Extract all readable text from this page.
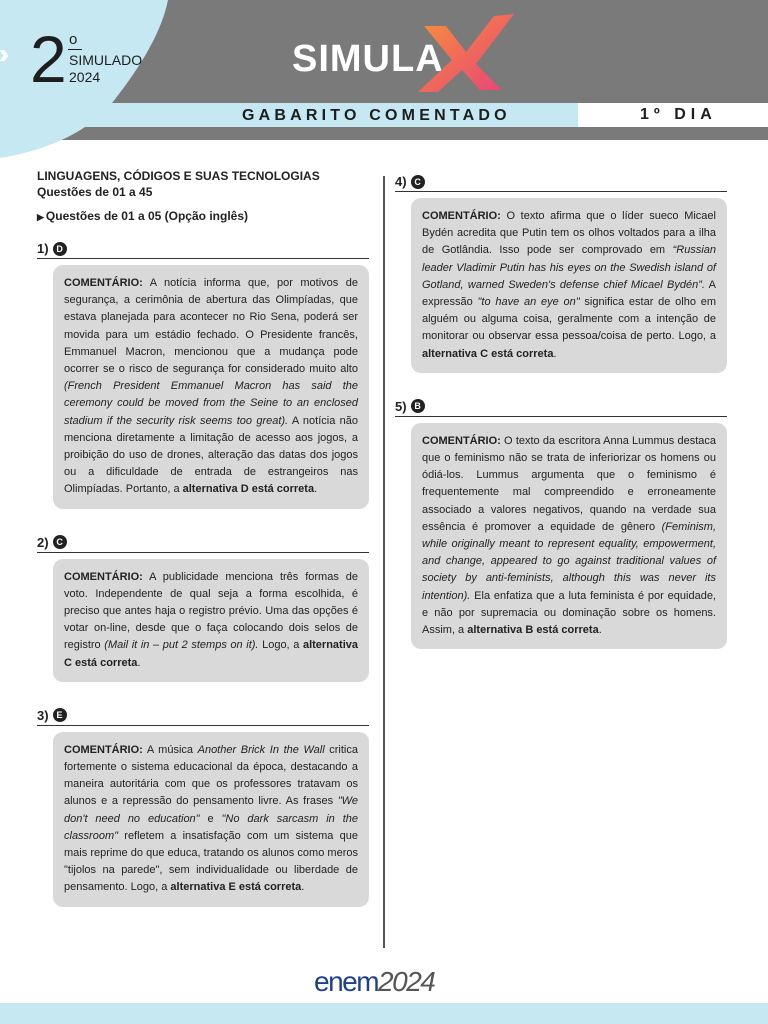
2 o
SIMULADO
2024	SIMULA
GABARITO COMENTADO	1º DIA
LINGUAGENS, CÓDIGOS E SUAS TECNOLOGIAS
Questões de 01 a 45
▶ Questões de 01 a 05 (Opção inglês)
1) D
COMENTÁRIO: A notícia informa que, por motivos de segurança, a cerimônia de abertura das Olimpíadas, que estava planejada para acontecer no Rio Sena, poderá ser movida para um estádio fechado. O Presidente francês, Emmanuel Macron, mencionou que a mudança pode ocorrer se o risco de segurança for considerado muito alto (French President Emmanuel Macron has said the ceremony could be moved from the Seine to an enclosed stadium if the security risk seems too great). A notícia não menciona diretamente a limitação de acesso aos jogos, a proibição do uso de drones, alteração das datas dos jogos ou a dificuldade de entrada de estrangeiros nas Olimpíadas. Portanto, a alternativa D está correta.
2) C
COMENTÁRIO: A publicidade menciona três formas de voto. Independente de qual seja a forma escolhida, é preciso que antes haja o registro prévio. Uma das opções é votar on-line, desde que o faça colocando dois selos de registro (Mail it in – put 2 stemps on it). Logo, a alternativa C está correta.
3) E
COMENTÁRIO: A música Another Brick In the Wall critica fortemente o sistema educacional da época, destacando a maneira autoritária com que os professores tratavam os alunos e a repressão do pensamento livre. As frases "We don't need no education" e "No dark sarcasm in the classroom" refletem a insatisfação com um sistema que mais reprime do que educa, tratando os alunos como meros "tijolos na parede", sem individualidade ou liberdade de pensamento. Logo, a alternativa E está correta.
4) C
COMENTÁRIO: O texto afirma que o líder sueco Micael Bydén acredita que Putin tem os olhos voltados para a ilha de Gotlândia. Isso pode ser comprovado em “Russian leader Vladimir Putin has his eyes on the Swedish island of Gotland, warned Sweden's defense chief Micael Bydén”. A expressão "to have an eye on" significa estar de olho em alguém ou alguma coisa, geralmente com a intenção de monitorar ou observar essa pessoa/coisa de perto. Logo, a alternativa C está correta.
5) B
COMENTÁRIO: O texto da escritora Anna Lummus destaca que o feminismo não se trata de inferiorizar os homens ou ódiá-los. Lummus argumenta que o feminismo é frequentemente mal compreendido e erroneamente associado a valores negativos, quando na verdade sua essência é promover a equidade de gênero (Feminism, while originally meant to represent equality, empowerment, and change, appeared to go against traditional values of society by anti-feminists, although this was never its intention). Ela enfatiza que a luta feminista é por equidade, e não por supremacia ou dominação sobre os homens. Assim, a alternativa B está correta.
enem2024
